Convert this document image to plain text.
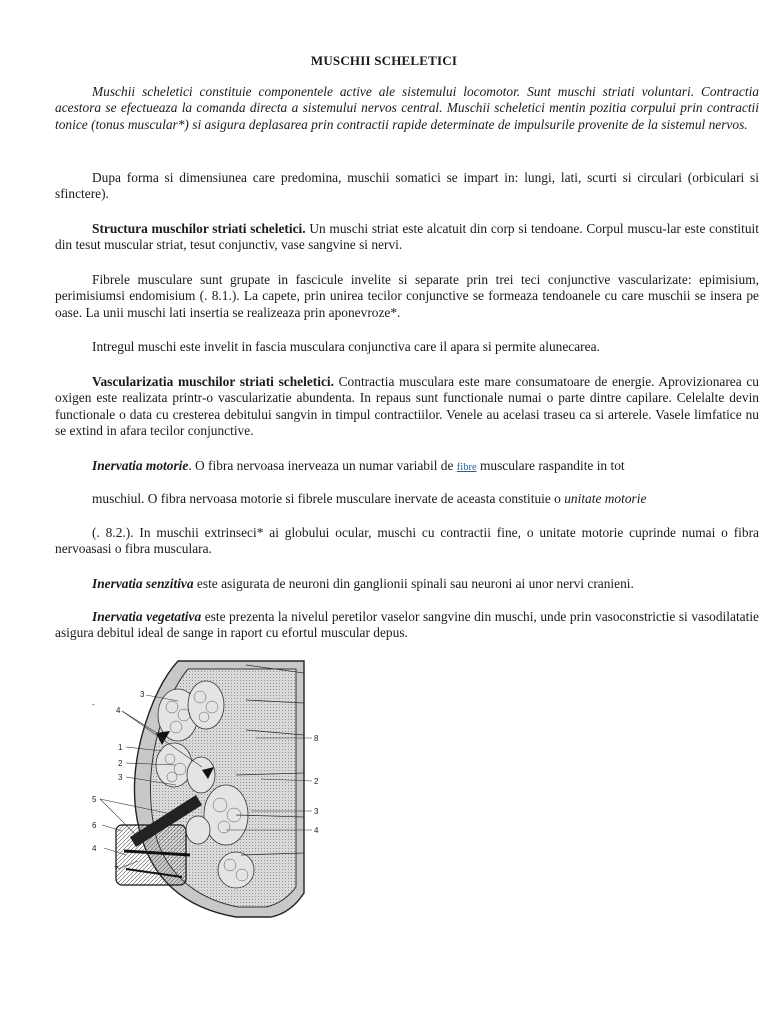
MUSCHII SCHELETICI

Muschii scheletici constituie componentele active ale sistemului locomotor. Sunt muschi striati voluntari. Contractia acestora se efectueaza la comanda directa a sistemului nervos central. Muschii scheletici mentin pozitia corpului prin contractii tonice (tonus muscular*) si asigura deplasarea prin contractii rapide determinate de impulsurile provenite de la sistemul nervos.

Dupa forma si dimensiunea care predomina, muschii somatici se impart in: lungi, lati, scurti si circulari (orbiculari si sfinctere).

Structura muschilor striati scheletici. Un muschi striat este alcatuit din corp si tendoane. Corpul muscu-lar este constituit din tesut muscular striat, tesut conjunctiv, vase sangvine si nervi.

Fibrele musculare sunt grupate in fascicule invelite si separate prin trei teci conjunctive vascularizate: epimisium, perimisiumsi endomisium (. 8.1.). La capete, prin unirea tecilor conjunctive se formeaza tendoanele cu care muschii se insera pe oase. La unii muschi lati insertia se realizeaza prin aponevroze*.

Intregul muschi este invelit in fascia musculara conjunctiva care il apara si permite alunecarea.

Vascularizatia muschilor striati scheletici. Contractia musculara este mare consumatoare de energie. Aprovizionarea cu oxigen este realizata printr-o vascularizatie abundenta. In repaus sunt functionale numai o parte dintre capilare. Celelalte devin functionale o data cu cresterea debitului sangvin in timpul contractiilor. Venele au acelasi traseu ca si arterele. Vasele limfatice nu se extind in afara tecilor conjunctive.

Inervatia motorie. O fibra nervoasa inerveaza un numar variabil de fibre musculare raspandite in tot

muschiul. O fibra nervoasa motorie si fibrele musculare inervate de aceasta constituie o unitate motorie

(. 8.2.). In muschii extrinseci* ai globului ocular, muschi cu contractii fine, o unitate motorie cuprinde numai o fibra nervoasasi o fibra musculara.

Inervatia senzitiva este asigurata de neuroni din ganglionii spinali sau neuroni ai unor nervi cranieni.

Inervatia vegetativa este prezenta la nivelul peretilor vaselor sangvine din muschi, unde prin vasoconstrictie si vasodilatatie asigura debitul ideal de sange in raport cu efortul muscular depus.

3
4
-
1
2
3
5
6
4
7
8
2
3
4
